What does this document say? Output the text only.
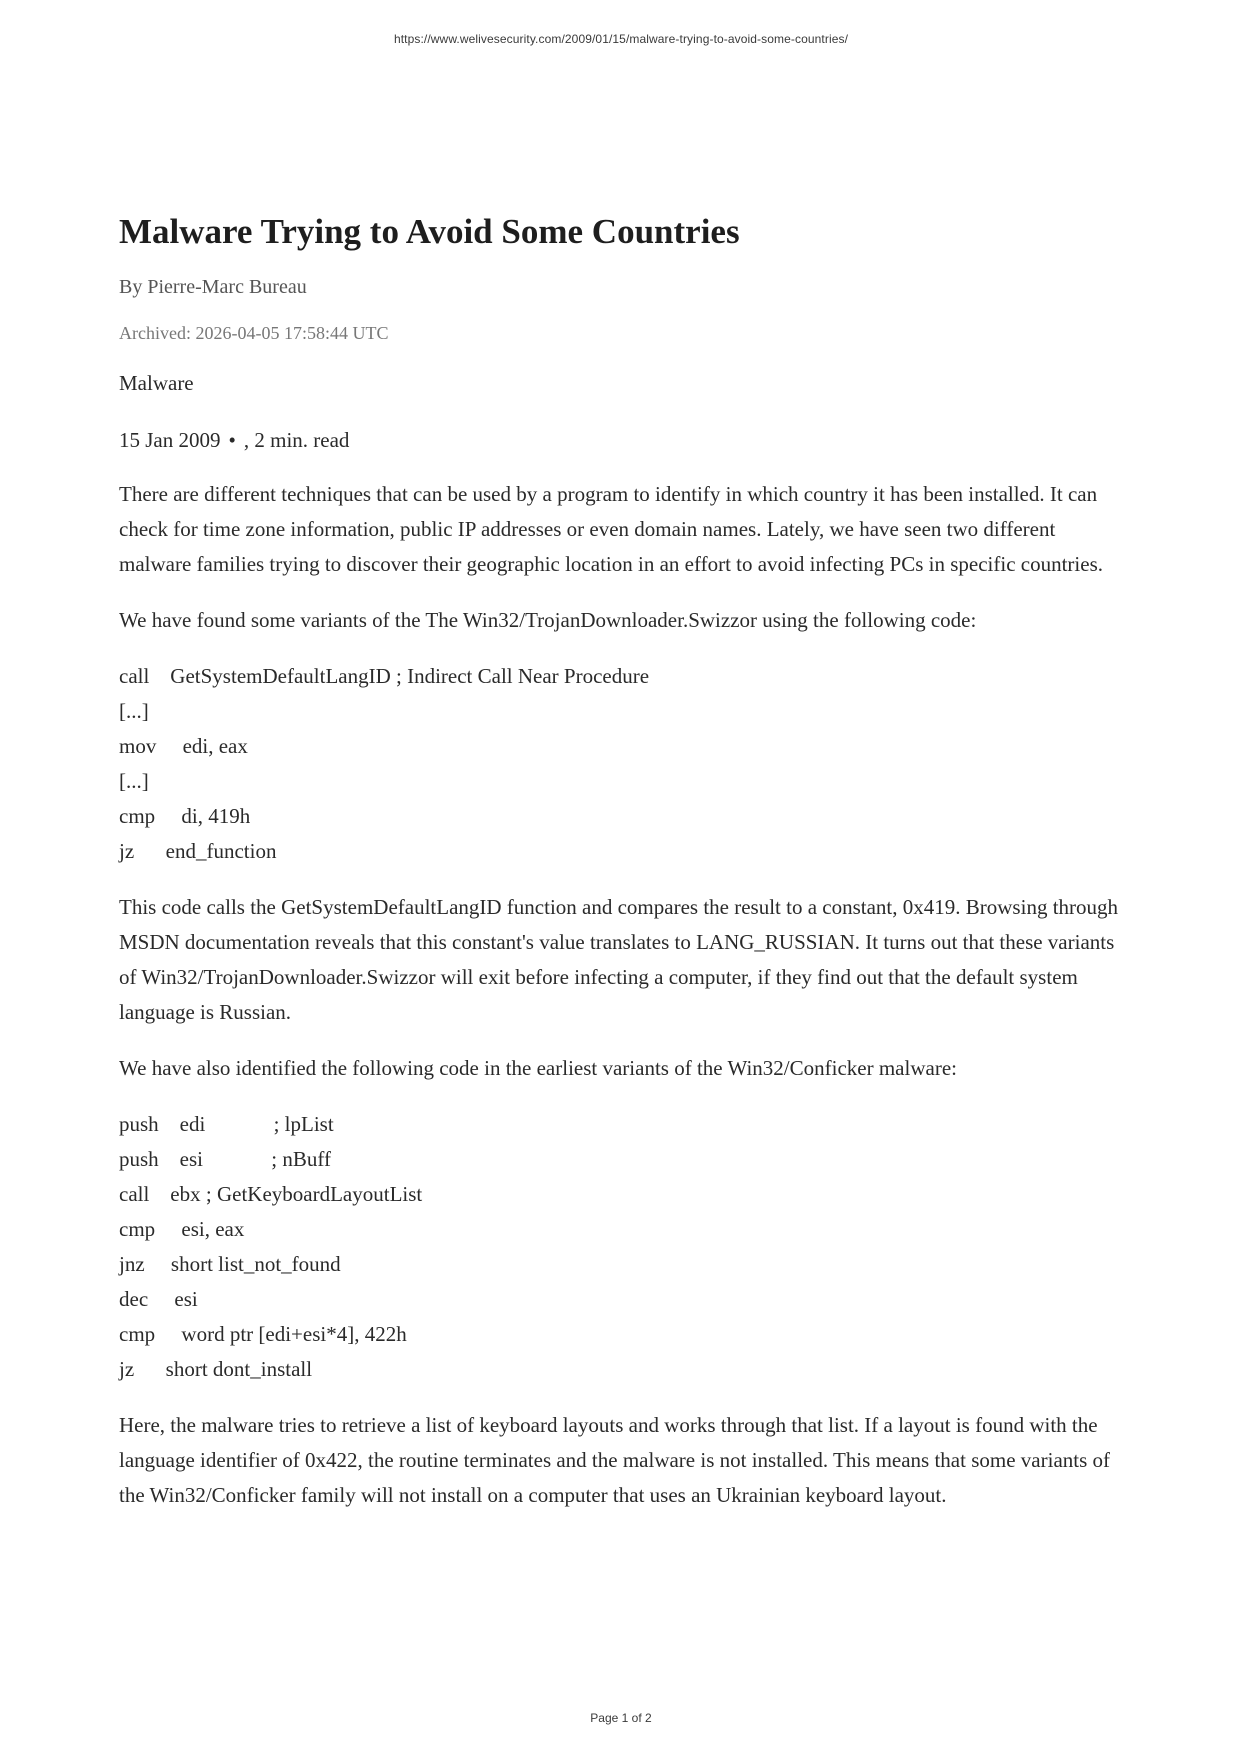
https://www.welivesecurity.com/2009/01/15/malware-trying-to-avoid-some-countries/
Malware Trying to Avoid Some Countries
By Pierre-Marc Bureau
Archived: 2026-04-05 17:58:44 UTC
Malware
15 Jan 2009 • , 2 min. read

There are different techniques that can be used by a program to identify in which country it has been installed. It can check for time zone information, public IP addresses or even domain names. Lately, we have seen two different malware families trying to discover their geographic location in an effort to avoid infecting PCs in specific countries.

We have found some variants of the The Win32/TrojanDownloader.Swizzor using the following code:

call    GetSystemDefaultLangID ; Indirect Call Near Procedure
[...]
mov     edi, eax
[...]
cmp     di, 419h
jz      end_function

This code calls the GetSystemDefaultLangID function and compares the result to a constant, 0x419. Browsing through MSDN documentation reveals that this constant's value translates to LANG_RUSSIAN. It turns out that these variants of Win32/TrojanDownloader.Swizzor will exit before infecting a computer, if they find out that the default system language is Russian.

We have also identified the following code in the earliest variants of the Win32/Conficker malware:

push    edi             ; lpList
push    esi             ; nBuff
call    ebx ; GetKeyboardLayoutList
cmp     esi, eax
jnz     short list_not_found
dec     esi
cmp     word ptr [edi+esi*4], 422h
jz      short dont_install

Here, the malware tries to retrieve a list of keyboard layouts and works through that list. If a layout is found with the language identifier of 0x422, the routine terminates and the malware is not installed. This means that some variants of the Win32/Conficker family will not install on a computer that uses an Ukrainian keyboard layout.

Page 1 of 2
